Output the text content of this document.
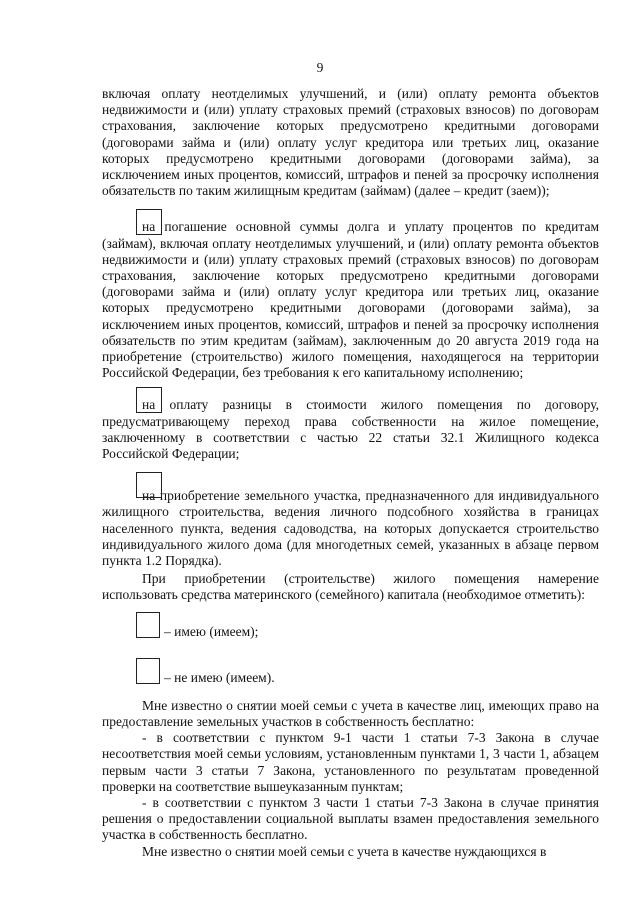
9

включая оплату неотделимых улучшений, и (или) оплату ремонта объектов недвижимости и (или) уплату страховых премий (страховых взносов) по договорам страхования, заключение которых предусмотрено кредитными договорами (договорами займа и (или) оплату услуг кредитора или третьих лиц, оказание которых предусмотрено кредитными договорами (договорами займа), за исключением иных процентов, комиссий, штрафов и пеней за просрочку исполнения обязательств по таким жилищным кредитам (займам) (далее – кредит (заем));

на погашение основной суммы долга и уплату процентов по кредитам (займам), включая оплату неотделимых улучшений, и (или) оплату ремонта объектов недвижимости и (или) уплату страховых премий (страховых взносов) по договорам страхования, заключение которых предусмотрено кредитными договорами (договорами займа и (или) оплату услуг кредитора или третьих лиц, оказание которых предусмотрено кредитными договорами (договорами займа), за исключением иных процентов, комиссий, штрафов и пеней за просрочку исполнения обязательств по этим кредитам (займам), заключенным до 20 августа 2019 года на приобретение (строительство) жилого помещения, находящегося на территории Российской Федерации, без требования к его капитальному исполнению;

на оплату разницы в стоимости жилого помещения по договору, предусматривающему переход права собственности на жилое помещение, заключенному в соответствии с частью 22 статьи 32.1 Жилищного кодекса Российской Федерации;

на приобретение земельного участка, предназначенного для индивидуального жилищного строительства, ведения личного подсобного хозяйства в границах населенного пункта, ведения садоводства, на которых допускается строительство индивидуального жилого дома (для многодетных семей, указанных в абзаце первом пункта 1.2 Порядка).

При приобретении (строительстве) жилого помещения намерение использовать средства материнского (семейного) капитала (необходимое отметить):

– имею (имеем);
– не имею (имеем).

Мне известно о снятии моей семьи с учета в качестве лиц, имеющих право на предоставление земельных участков в собственность бесплатно:

- в соответствии с пунктом 9-1 части 1 статьи 7-3 Закона в случае несоответствия моей семьи условиям, установленным пунктами 1, 3 части 1, абзацем первым части 3 статьи 7 Закона, установленного по результатам проведенной проверки на соответствие вышеуказанным пунктам;

- в соответствии с пунктом 3 части 1 статьи 7-3 Закона в случае принятия решения о предоставлении социальной выплаты взамен предоставления земельного участка в собственность бесплатно.

Мне известно о снятии моей семьи с учета в качестве нуждающихся в
